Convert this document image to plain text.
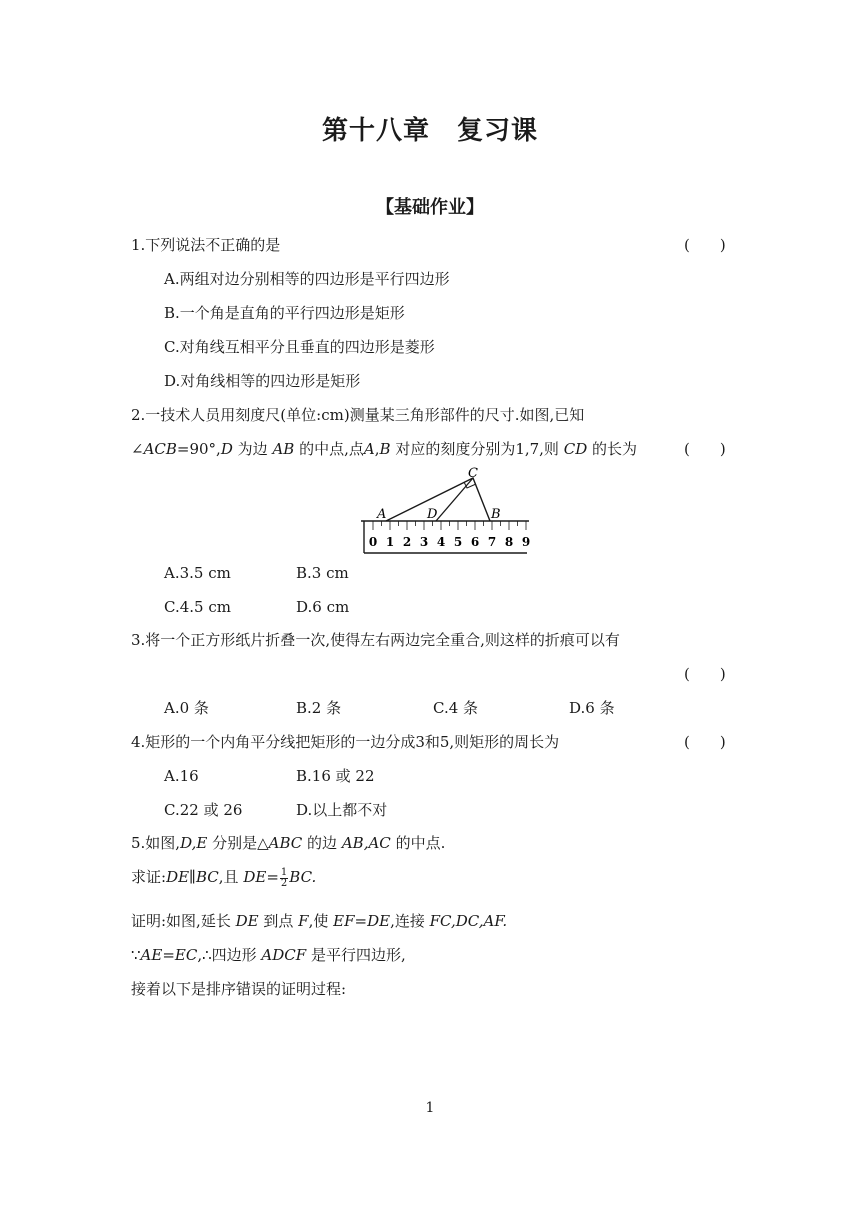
第十八章　复习课
【基础作业】
1.下列说法不正确的是	(　　)
A.两组对边分别相等的四边形是平行四边形
B.一个角是直角的平行四边形是矩形
C.对角线互相平分且垂直的四边形是菱形
D.对角线相等的四边形是矩形
2.一技术人员用刻度尺(单位:cm)测量某三角形部件的尺寸.如图,已知
∠ACB=90°,D 为边 AB 的中点,点A,B 对应的刻度分别为1,7,则 CD 的长为	(　　)
0 1 2 3 4 5 6 7 8 9
C
A	D	B
A.3.5 cm	B.3 cm
C.4.5 cm	D.6 cm
3.将一个正方形纸片折叠一次,使得左右两边完全重合,则这样的折痕可以有
(　　)
A.0 条	B.2 条	C.4 条	D.6 条
4.矩形的一个内角平分线把矩形的一边分成3和5,则矩形的周长为	(　　)
A.16	B.16 或 22
C.22 或 26	D.以上都不对
5.如图,D,E 分别是△ABC 的边 AB,AC 的中点.
求证:DE∥BC,且 $DE= \frac{1}{2}$ BC.
证明:如图,延长 DE 到点 F,使 EF=DE,连接 FC,DC,AF.
∵AE=EC,∴四边形 ADCF 是平行四边形,
接着以下是排序错误的证明过程:
1
